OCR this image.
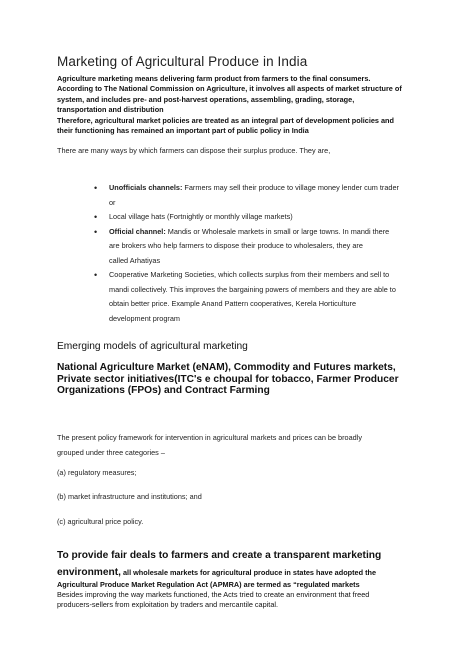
Marketing of Agricultural Produce in India
Agriculture marketing means delivering farm product from farmers to the final consumers.
According to The National Commission on Agriculture, it involves all aspects of market structure of
system, and includes pre- and post-harvest operations, assembling, grading, storage,
transportation and distribution
Therefore, agricultural market policies are treated as an integral part of development policies and
their functioning has remained an important part of public policy in India
There are many ways by which farmers can dispose their surplus produce. They are,
• Unofficials channels: Farmers may sell their produce to village money lender cum trader
or
• Local village hats (Fortnightly or monthly village markets)
• Official channel: Mandis or Wholesale markets in small or large towns. In mandi there
are brokers who help farmers to dispose their produce to wholesalers, they are
called Arhatiyas
• Cooperative Marketing Societies, which collects surplus from their members and sell to
mandi collectively. This improves the bargaining powers of members and they are able to
obtain better price. Example Anand Pattern cooperatives, Kerela Horticulture
development program
Emerging models of agricultural marketing
National Agriculture Market (eNAM), Commodity and Futures markets,
Private sector initiatives(ITC's e choupal for tobacco, Farmer Producer
Organizations (FPOs) and Contract Farming
The present policy framework for intervention in agricultural markets and prices can be broadly
grouped under three categories –
(a) regulatory measures;
(b) market infrastructure and institutions; and
(c) agricultural price policy.
To provide fair deals to farmers and create a transparent marketing
environment, all wholesale markets for agricultural produce in states have adopted the
Agricultural Produce Market Regulation Act (APMRA) are termed as “regulated markets
Besides improving the way markets functioned, the Acts tried to create an environment that freed
producers-sellers from exploitation by traders and mercantile capital.
